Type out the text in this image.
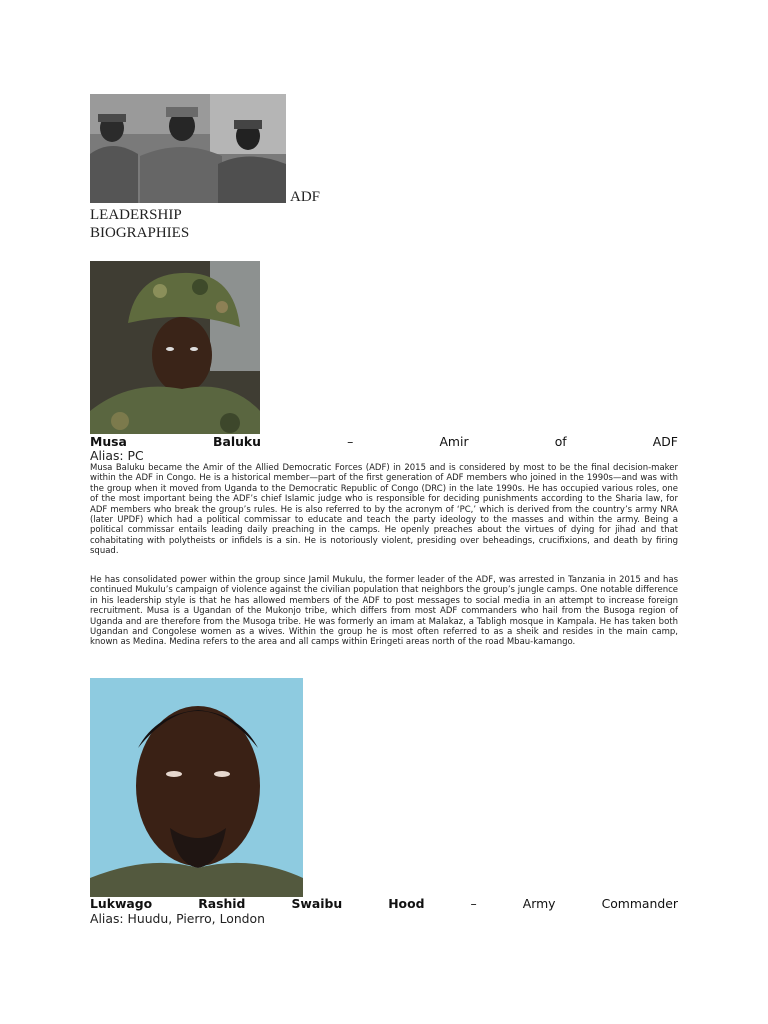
ADF
LEADERSHIP
BIOGRAPHIES
Musa	Baluku	–	Amir	of	ADF
Alias: PC

Musa Baluku became the Amir of the Allied Democratic Forces (ADF) in 2015 and is considered by most to be the final decision-maker within the ADF in Congo. He is a historical member—part of the first generation of ADF members who joined in the 1990s—and was with the group when it moved from Uganda to the Democratic Republic of Congo (DRC) in the late 1990s. He has occupied various roles, one of the most important being the ADF’s chief Islamic judge who is responsible for deciding punishments according to the Sharia law, for ADF members who break the group’s rules. He is also referred to by the acronym of ‘PC,’ which is derived from the country’s army NRA (later UPDF) which had a political commissar to educate and teach the party ideology to the masses and within the army. Being a political commissar entails leading daily preaching in the camps. He openly preaches about the virtues of dying for jihad and that cohabitating with polytheists or infidels is a sin. He is notoriously violent, presiding over beheadings, crucifixions, and death by firing squad.

He has consolidated power within the group since Jamil Mukulu, the former leader of the ADF, was arrested in Tanzania in 2015 and has continued Mukulu’s campaign of violence against the civilian population that neighbors the group’s jungle camps. One notable difference in his leadership style is that he has allowed members of the ADF to post messages to social media in an attempt to increase foreign recruitment. Musa is a Ugandan of the Mukonjo tribe, which differs from most ADF commanders who hail from the Busoga region of Uganda and are therefore from the Musoga tribe. He was formerly an imam at Malakaz, a Tabligh mosque in Kampala. He has taken both Ugandan and Congolese women as a wives. Within the group he is most often referred to as a sheik and resides in the main camp, known as Medina. Medina refers to the area and all camps within Eringeti areas north of the road Mbau-kamango.

Lukwago	Rashid	Swaibu	Hood	–	Army	Commander
Alias: Huudu, Pierro, London
